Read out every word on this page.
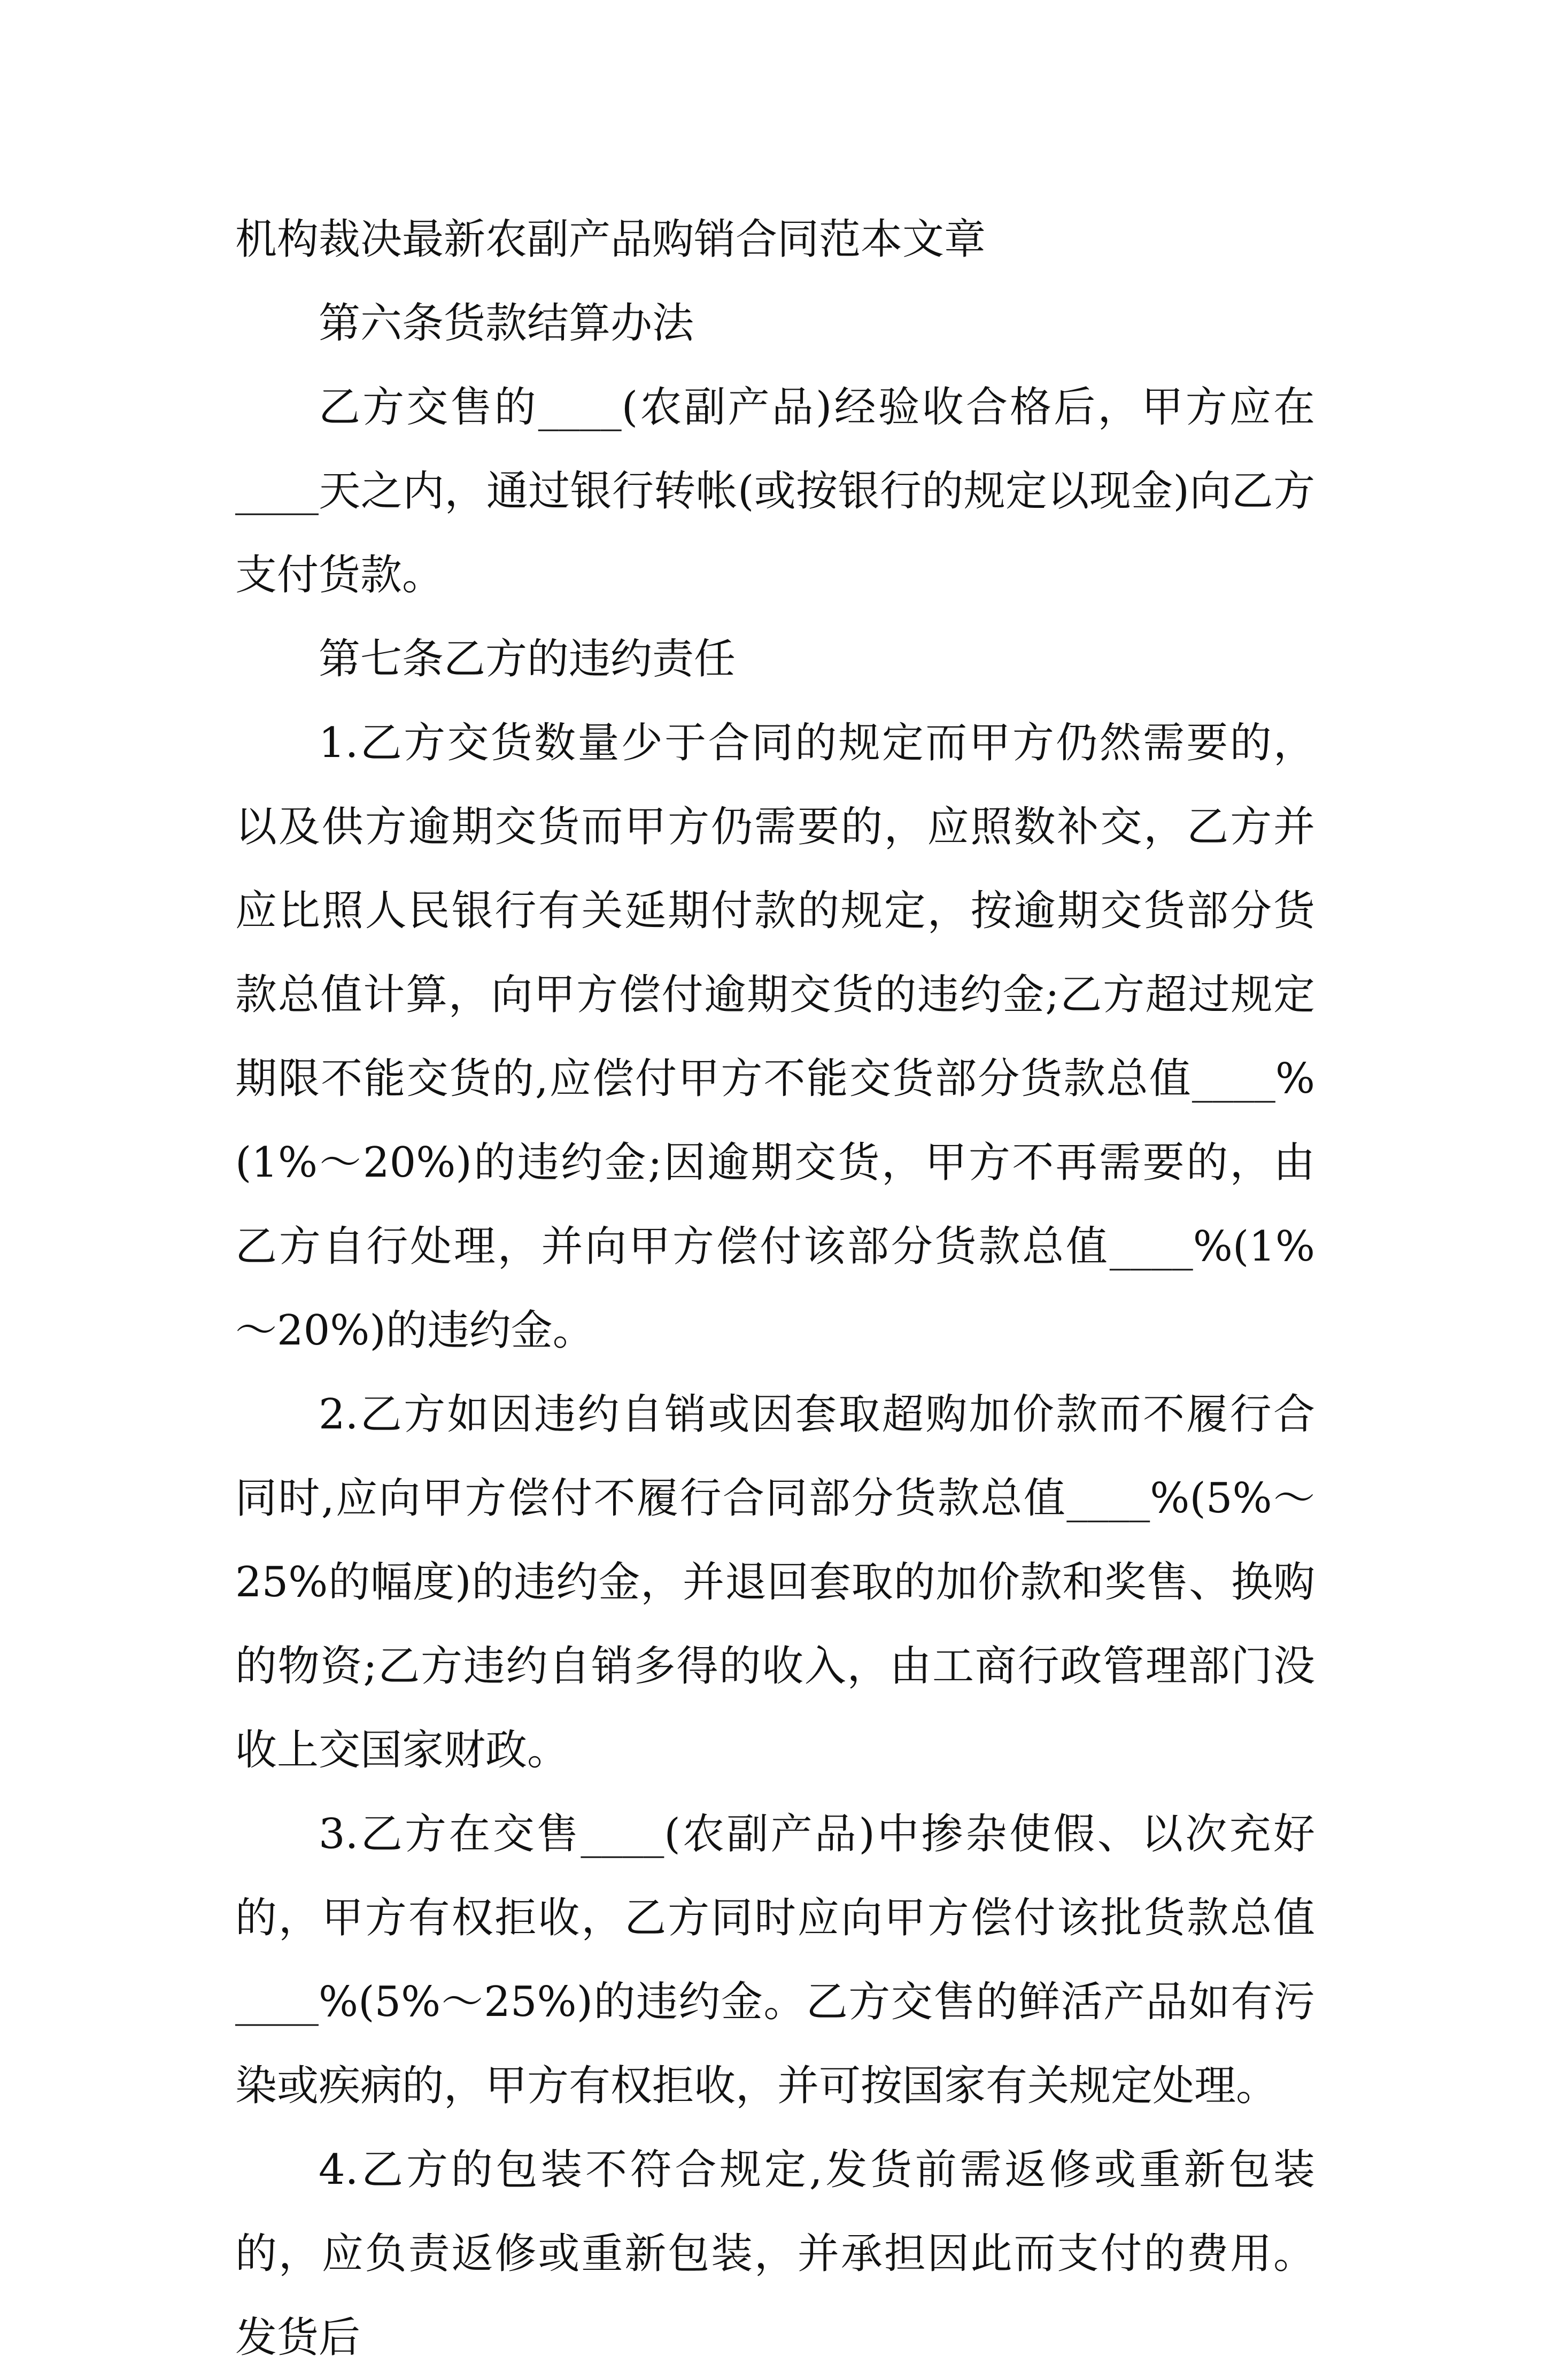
机构裁决最新农副产品购销合同范本文章

第六条货款结算办法

乙方交售的____(农副产品)经验收合格后，甲方应在____天之内，通过银行转帐(或按银行的规定以现金)向乙方支付货款。

第七条乙方的违约责任

1.乙方交货数量少于合同的规定而甲方仍然需要的，以及供方逾期交货而甲方仍需要的，应照数补交，乙方并应比照人民银行有关延期付款的规定，按逾期交货部分货款总值计算，向甲方偿付逾期交货的违约金;乙方超过规定期限不能交货的,应偿付甲方不能交货部分货款总值____%(1%～20%)的违约金;因逾期交货，甲方不再需要的，由乙方自行处理，并向甲方偿付该部分货款总值____%(1%～20%)的违约金。

2.乙方如因违约自销或因套取超购加价款而不履行合同时,应向甲方偿付不履行合同部分货款总值____%(5%～25%的幅度)的违约金，并退回套取的加价款和奖售、换购的物资;乙方违约自销多得的收入，由工商行政管理部门没收上交国家财政。

3.乙方在交售____(农副产品)中掺杂使假、以次充好的，甲方有权拒收，乙方同时应向甲方偿付该批货款总值____%(5%～25%)的违约金。乙方交售的鲜活产品如有污染或疾病的，甲方有权拒收，并可按国家有关规定处理。

4.乙方的包装不符合规定,发货前需返修或重新包装的，应负责返修或重新包装，并承担因此而支付的费用。发货后
